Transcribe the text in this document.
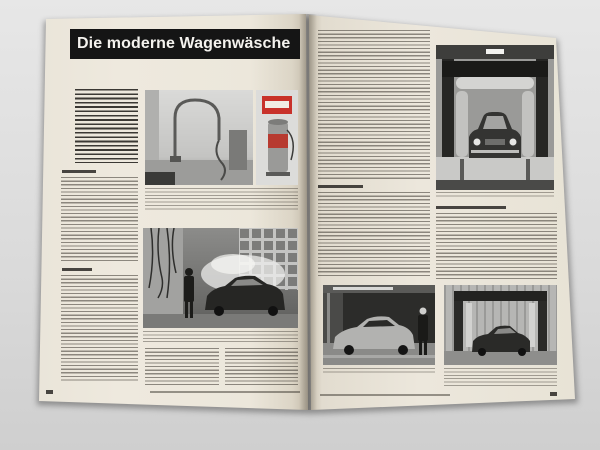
Die moderne Wagenwäsche
